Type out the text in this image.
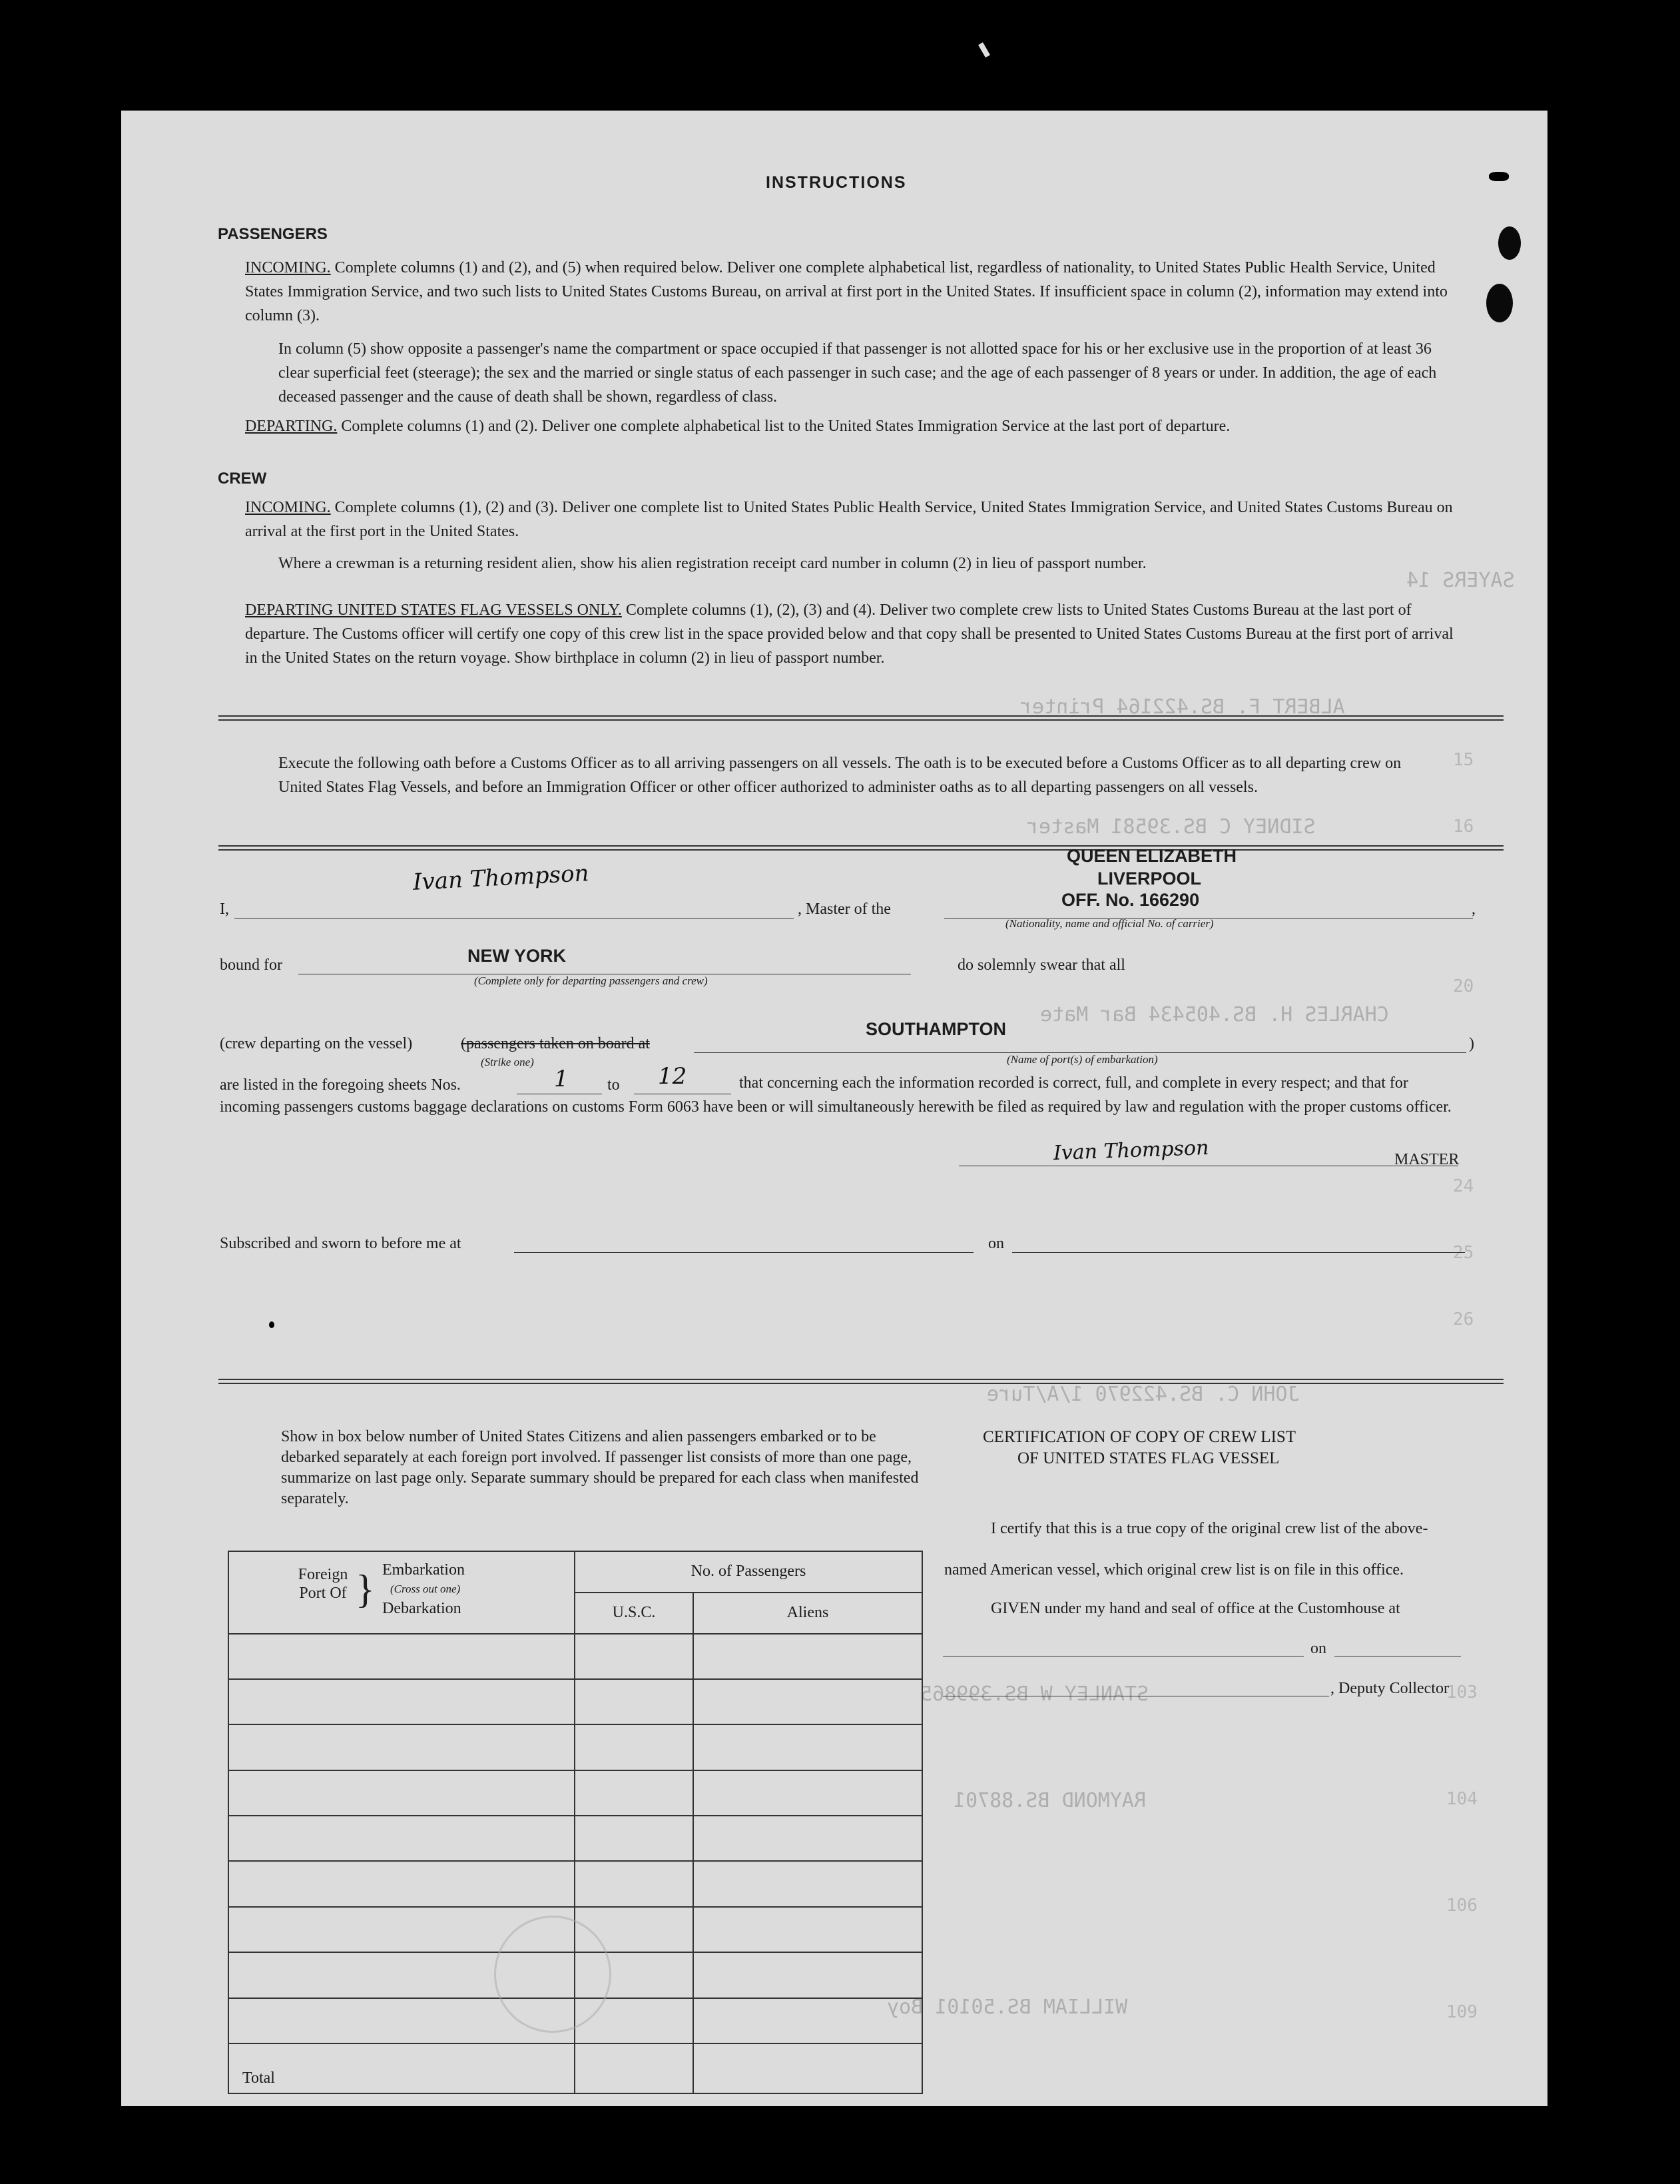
SAYERS 14
ALBERT F. BS.422164 Printer
SIDNEY C BS.39581 Master
CHARLES H. BS.405434 Bar Mate
JOHN C. BS.422970 1/A/Ture
STANLEY W BS.399865
RAYMOND BS.88701
WILLIAM BS.50101 Boy
15
16
20
24
25
26
103
104
106
109
INSTRUCTIONS
PASSENGERS
INCOMING. Complete columns (1) and (2), and (5) when required below. Deliver one complete alphabetical list, regardless of nationality, to United States Public Health Service, United States Immigration Service, and two such lists to United States Customs Bureau, on arrival at first port in the United States. If insufficient space in column (2), information may extend into column (3).
In column (5) show opposite a passenger's name the compartment or space occupied if that passenger is not allotted space for his or her exclusive use in the proportion of at least 36 clear superficial feet (steerage); the sex and the married or single status of each passenger in such case; and the age of each passenger of 8 years or under. In addition, the age of each deceased passenger and the cause of death shall be shown, regardless of class.
DEPARTING. Complete columns (1) and (2). Deliver one complete alphabetical list to the United States Immigration Service at the last port of departure.
CREW
INCOMING. Complete columns (1), (2) and (3). Deliver one complete list to United States Public Health Service, United States Immigration Service, and United States Customs Bureau on arrival at the first port in the United States.
Where a crewman is a returning resident alien, show his alien registration receipt card number in column (2) in lieu of passport number.
DEPARTING UNITED STATES FLAG VESSELS ONLY. Complete columns (1), (2), (3) and (4). Deliver two complete crew lists to United States Customs Bureau at the last port of departure. The Customs officer will certify one copy of this crew list in the space provided below and that copy shall be presented to United States Customs Bureau at the first port of arrival in the United States on the return voyage. Show birthplace in column (2) in lieu of passport number.
Execute the following oath before a Customs Officer as to all arriving passengers on all vessels. The oath is to be executed before a Customs Officer as to all departing crew on United States Flag Vessels, and before an Immigration Officer or other officer authorized to administer oaths as to all departing passengers on all vessels.
I,
Ivan Thompson
, Master of the	,
QUEEN ELIZABETH
LIVERPOOL
OFF. No. 166290
(Nationality, name and official No. of carrier)
bound for	NEW YORK
(Complete only for departing passengers and crew)
do solemnly swear that all
(crew departing on the vessel)	(passengers taken on board at
(Strike one)
)
SOUTHAMPTON
(Name of port(s) of embarkation)
are listed in the foregoing sheets Nos.	1 to 12	that concerning each the information recorded is correct, full, and complete in every respect; and that for incoming passengers customs baggage declarations on customs Form 6063 have been or will simultaneously herewith be filed as required by law and regulation with the proper customs officer.
Ivan Thompson	MASTER
Subscribed and sworn to before me at	on
Show in box below number of United States Citizens and alien passengers embarked or to be debarked separately at each foreign port involved. If passenger list consists of more than one page, summarize on last page only. Separate summary should be prepared for each class when manifested separately.
Foreign Port Of } Embarkation
(Cross out one)
Debarkation	No. of Passengers	
	U.S.C.	Aliens

Total		
CERTIFICATION OF COPY OF CREW LIST
OF UNITED STATES FLAG VESSEL
I certify that this is a true copy of the original crew list of the above-named American vessel, which original crew list is on file in this office.
GIVEN under my hand and seal of office at the Customhouse at
on
, Deputy Collector
